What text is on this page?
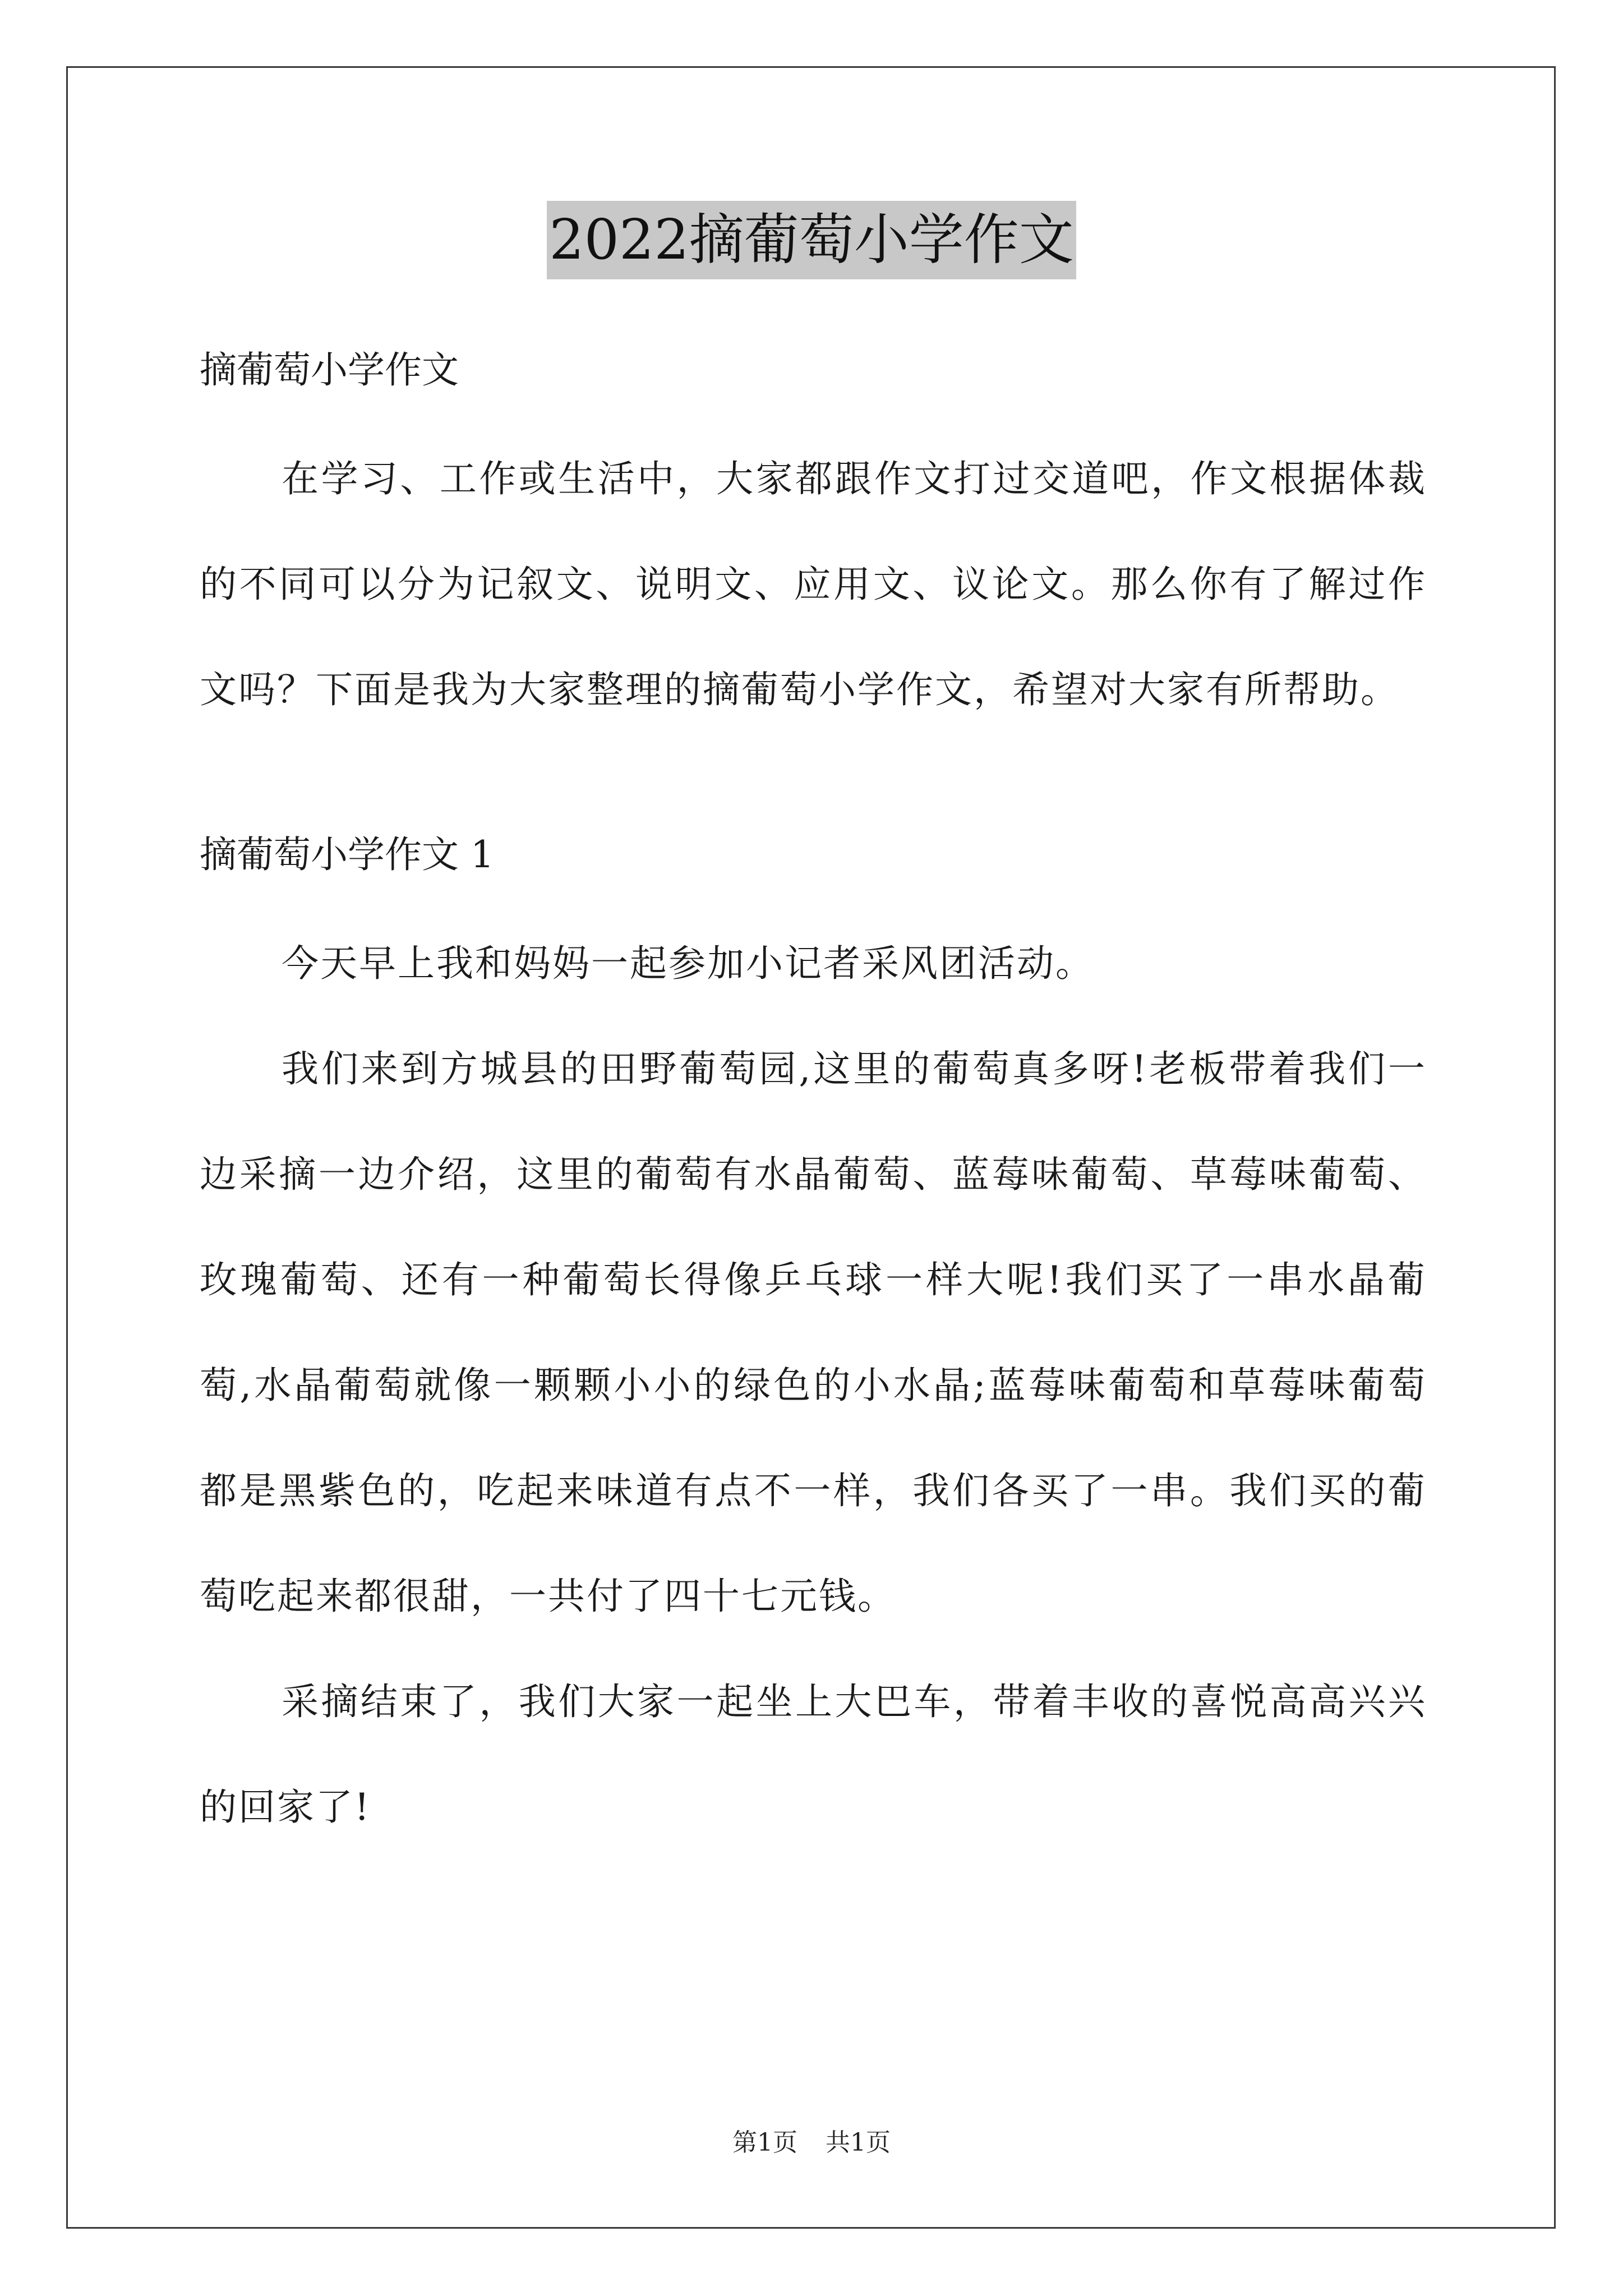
2022摘葡萄小学作文

摘葡萄小学作文

在学习、工作或生活中，大家都跟作文打过交道吧，作文根据体裁的不同可以分为记叙文、说明文、应用文、议论文。那么你有了解过作文吗？下面是我为大家整理的摘葡萄小学作文，希望对大家有所帮助。

摘葡萄小学作文 1

今天早上我和妈妈一起参加小记者采风团活动。

我们来到方城县的田野葡萄园,这里的葡萄真多呀!老板带着我们一边采摘一边介绍，这里的葡萄有水晶葡萄、蓝莓味葡萄、草莓味葡萄、玫瑰葡萄、还有一种葡萄长得像乒乓球一样大呢!我们买了一串水晶葡萄,水晶葡萄就像一颗颗小小的绿色的小水晶;蓝莓味葡萄和草莓味葡萄都是黑紫色的，吃起来味道有点不一样，我们各买了一串。我们买的葡萄吃起来都很甜，一共付了四十七元钱。

采摘结束了，我们大家一起坐上大巴车，带着丰收的喜悦高高兴兴的回家了!

第1页 共1页
